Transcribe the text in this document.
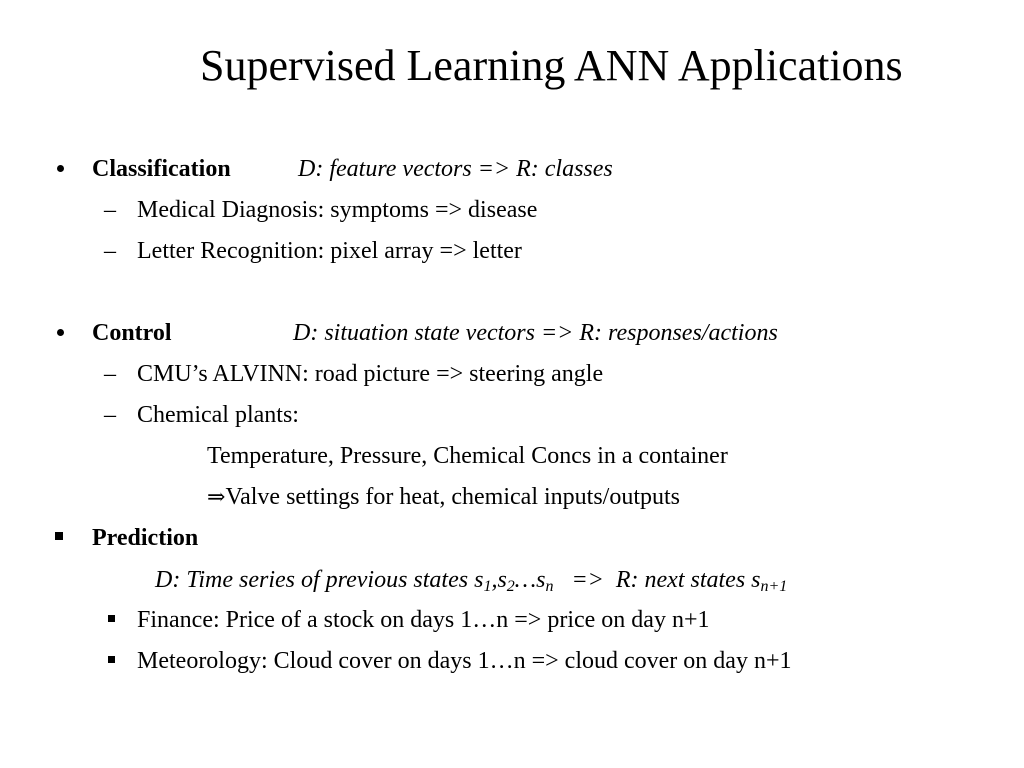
Supervised Learning ANN Applications
Classification	D: feature vectors => R: classes
– Medical Diagnosis: symptoms => disease
– Letter Recognition: pixel array => letter
Control	D: situation state vectors => R: responses/actions
– CMU’s ALVINN: road picture => steering angle
– Chemical plants:
Temperature, Pressure, Chemical Concs in a container
⇒Valve settings for heat, chemical inputs/outputs
Prediction
D: Time series of previous states $s_1,s_2\dots s_n => R$: next states $s_{n+1}$
Finance: Price of a stock on days 1…n => price on day n+1
Meteorology: Cloud cover on days 1…n => cloud cover on day n+1
